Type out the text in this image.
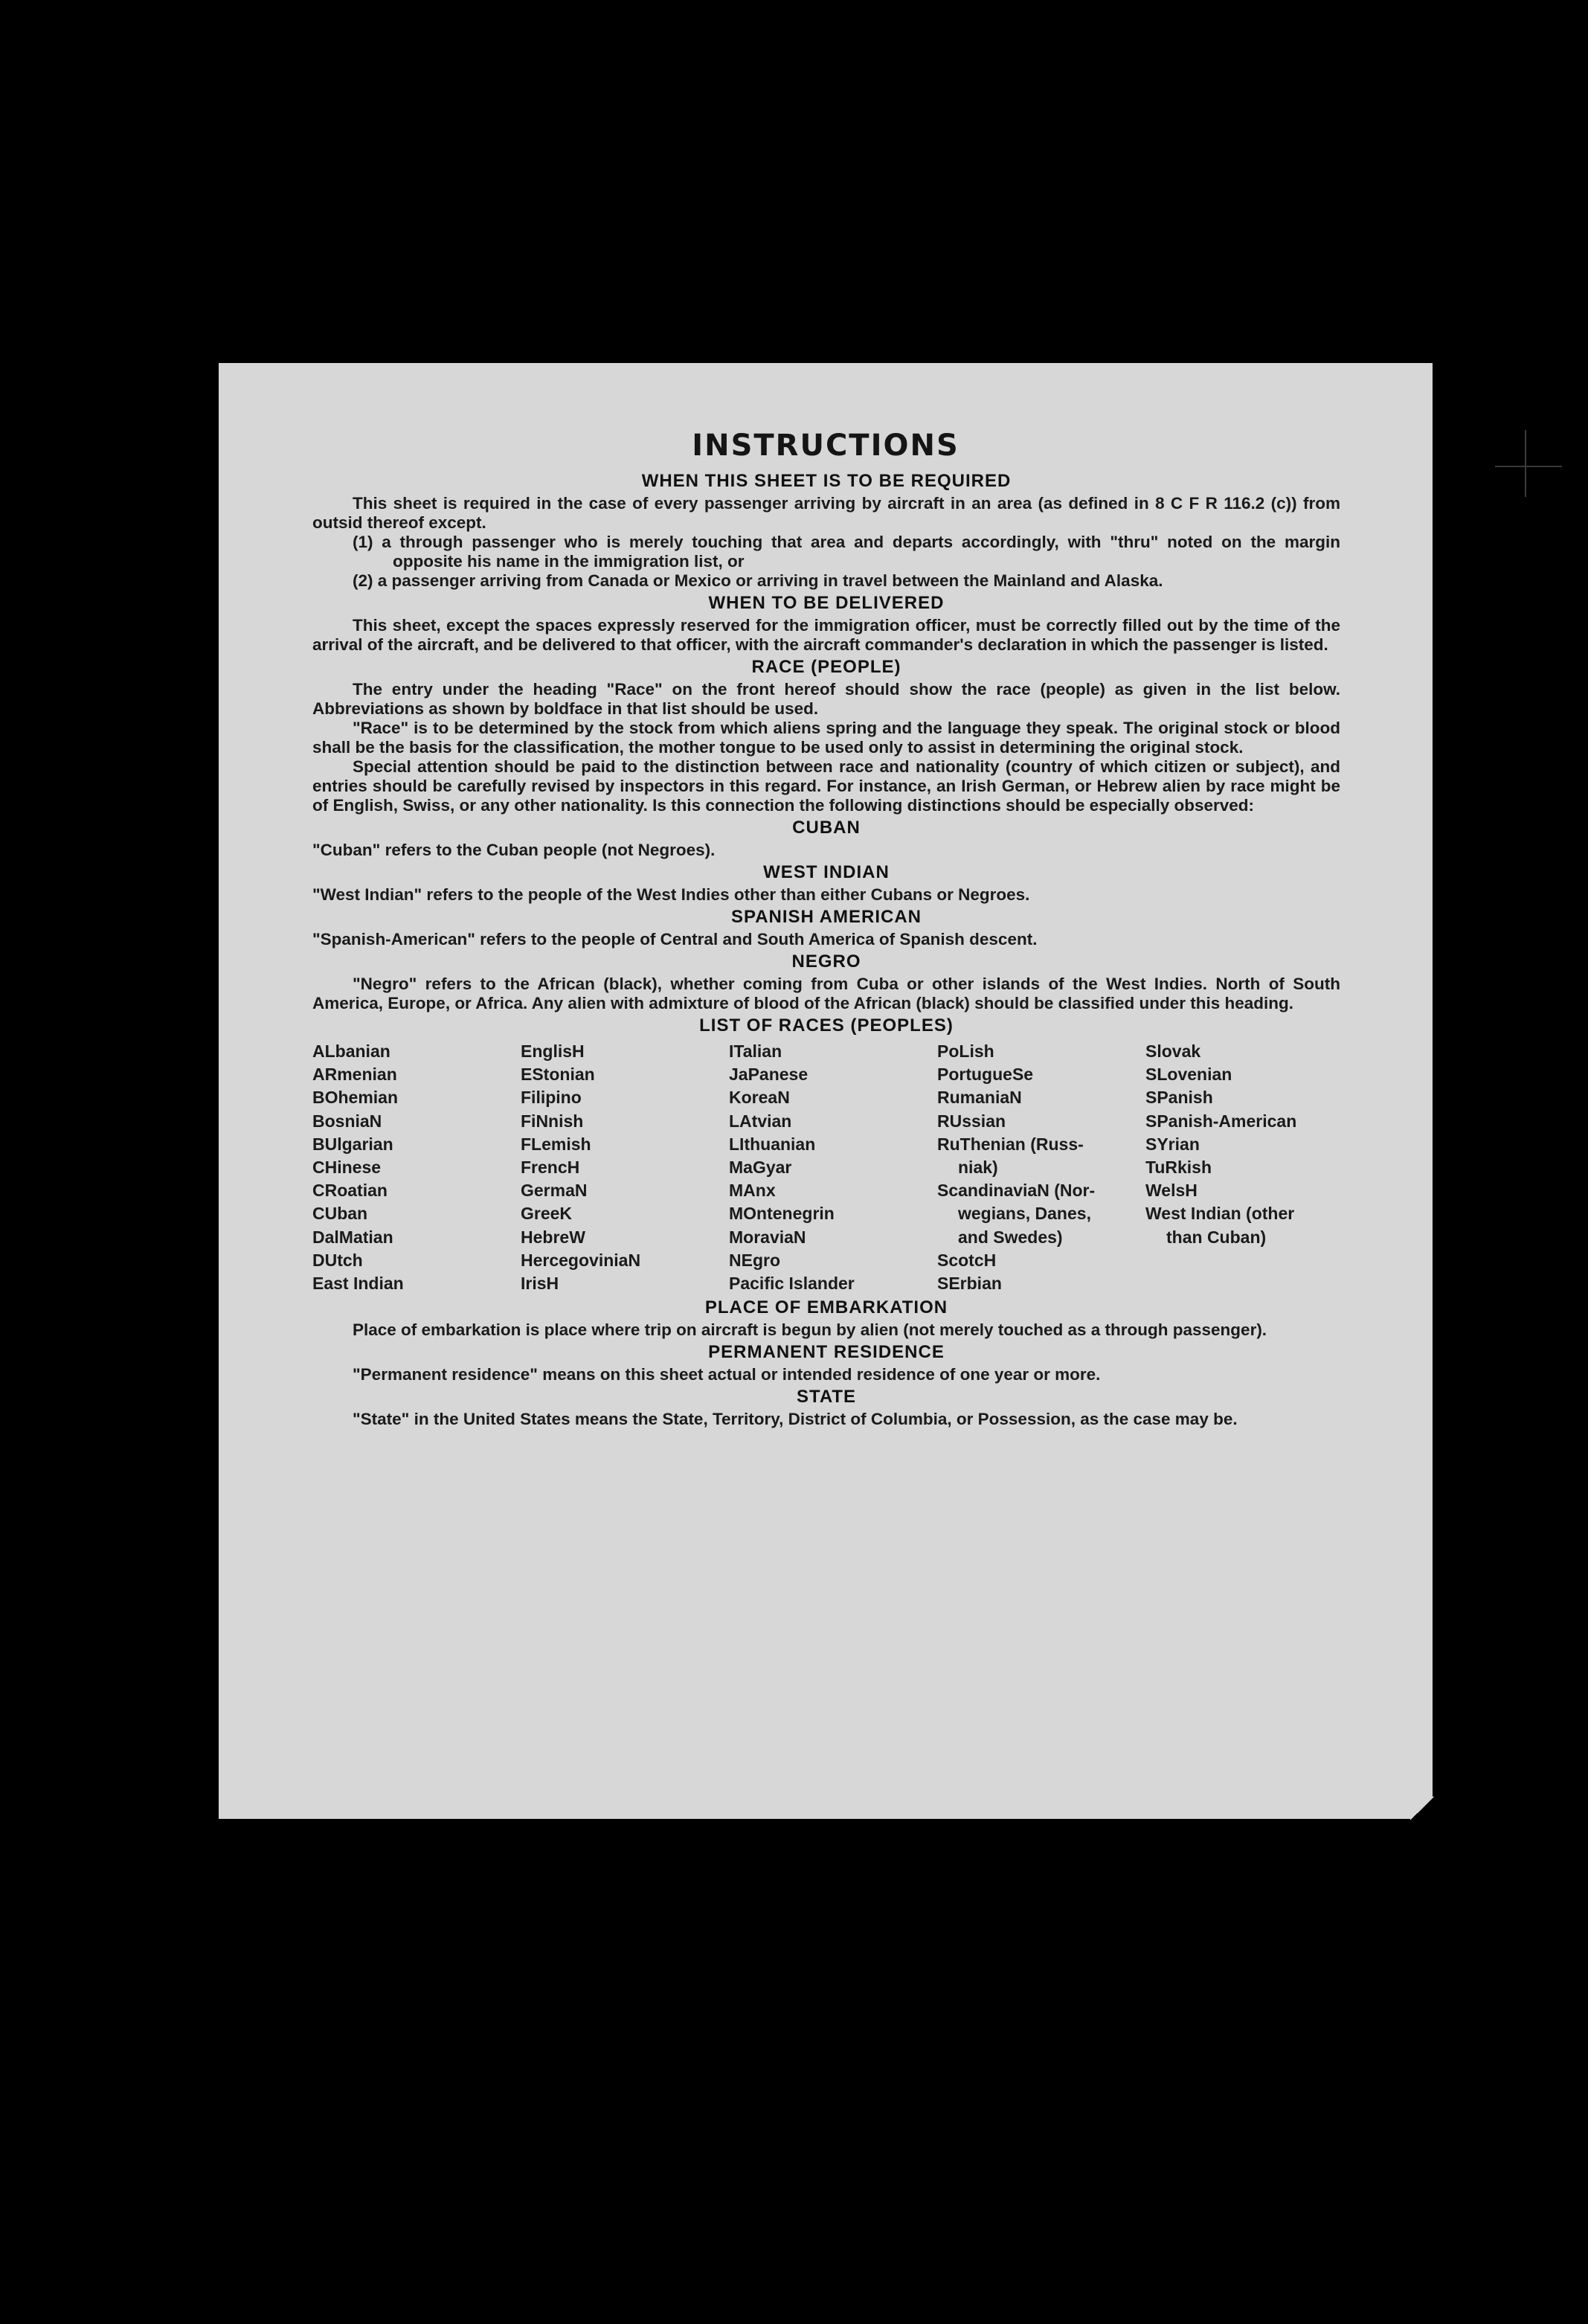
INSTRUCTIONS
WHEN THIS SHEET IS TO BE REQUIRED
This sheet is required in the case of every passenger arriving by aircraft in an area (as defined in 8 C F R 116.2 (c)) from outsid thereof except.
(1) a through passenger who is merely touching that area and departs accordingly, with "thru" noted on the margin opposite his name in the immigration list, or
(2) a passenger arriving from Canada or Mexico or arriving in travel between the Mainland and Alaska.
WHEN TO BE DELIVERED
This sheet, except the spaces expressly reserved for the immigration officer, must be correctly filled out by the time of the arrival of the aircraft, and be delivered to that officer, with the aircraft commander's declaration in which the passenger is listed.
RACE (PEOPLE)
The entry under the heading "Race" on the front hereof should show the race (people) as given in the list below. Abbreviations as shown by boldface in that list should be used.
"Race" is to be determined by the stock from which aliens spring and the language they speak. The original stock or blood shall be the basis for the classification, the mother tongue to be used only to assist in determining the original stock.
Special attention should be paid to the distinction between race and nationality (country of which citizen or subject), and entries should be carefully revised by inspectors in this regard. For instance, an Irish German, or Hebrew alien by race might be of English, Swiss, or any other nationality. Is this connection the following distinctions should be especially observed:
CUBAN
"Cuban" refers to the Cuban people (not Negroes).
WEST INDIAN
"West Indian" refers to the people of the West Indies other than either Cubans or Negroes.
SPANISH AMERICAN
"Spanish-American" refers to the people of Central and South America of Spanish descent.
NEGRO
"Negro" refers to the African (black), whether coming from Cuba or other islands of the West Indies. North of South America, Europe, or Africa. Any alien with admixture of blood of the African (black) should be classified under this heading.
LIST OF RACES (PEOPLES)
ALbanian
ARmenian
BOhemian
BosniaN
BUlgarian
CHinese
CRoatian
CUban
DalMatian
DUtch
East Indian
EnglisH
EStonian
Filipino
FiNnish
FLemish
FrencH
GermaN
GreeK
HebreW
HercegoviniaN
IrisH
ITalian
JaPanese
KoreaN
LAtvian
LIthuanian
MaGyar
MAnx
MOntenegrin
MoraviaN
NEgro
Pacific Islander
PoLish
PortugueSe
RumaniaN
RUssian
RuThenian (Russ-
niak)
ScandinaviaN (Nor-
wegians, Danes,
and Swedes)
ScotcH
SErbian
Slovak
SLovenian
SPanish
SPanish-American
SYrian
TuRkish
WelsH
West Indian (other
than Cuban)
PLACE OF EMBARKATION
Place of embarkation is place where trip on aircraft is begun by alien (not merely touched as a through passenger).
PERMANENT RESIDENCE
"Permanent residence" means on this sheet actual or intended residence of one year or more.
STATE
"State" in the United States means the State, Territory, District of Columbia, or Possession, as the case may be.
